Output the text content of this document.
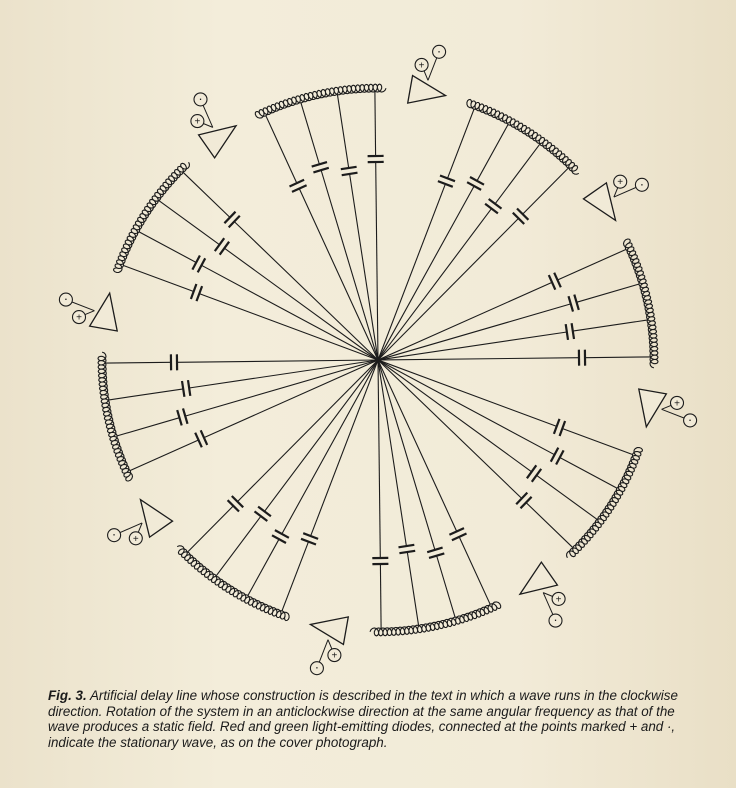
+
·
+ ·
+
·
+
·
+
·
+
·
+
·
+
·
Fig. 3. Artificial delay line whose construction is described in the text in which a wave runs in the clockwise direction. Rotation of the system in an anticlockwise direction at the same angular frequency as that of the wave produces a static field. Red and green light-emitting diodes, connected at the points marked + and ·, indicate the stationary wave, as on the cover photograph.
